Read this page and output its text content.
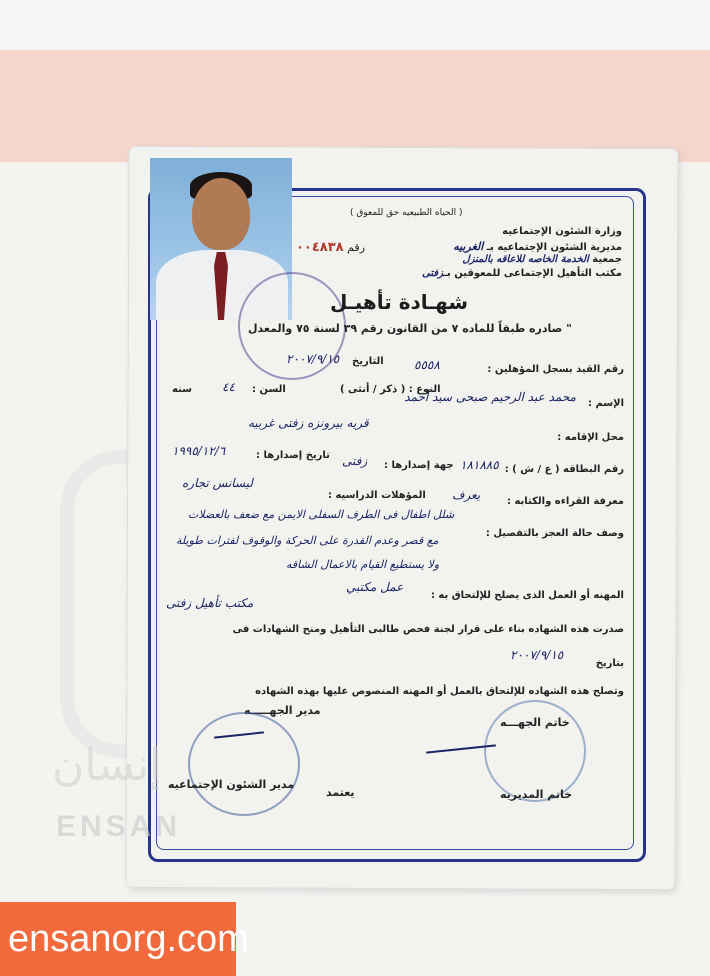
( الحياه الطبيعيه حق للمعوق )
وزارة الشئون الإجتماعيه
مديرية الشئون الإجتماعيه بـ الغربيه
جمعية الخدمة الخاصه للاعاقه بالمنزل
مكتب التأهيل الإجتماعى للمعوقين بـزفتى
رقم ٠٠٤٨٣٨
شهـادة تأهيـل
" صادره طبقاً للماده ٧ من القانون رقم ٣٩ لسنة ٧٥ والمعدل
رقم القيد بسجل المؤهلين :
٥٥٥٨
التاريخ
٢٠٠٧/٩/١٥
الإسم :
محمد عبد الرحيم صبحى سيد أحمد
النوع : ( ذكر / أنثى )
السن :
٤٤
سنه
محل الإقامه :
قريه بيرونزه زفتى غربيه
رقم البطاقه ( ع / ش ) :
١٨١٨٨٥
جهة إصدارها :
زفتى
تاريخ إصدارها :
١٩٩٥/١٢/٦
معرفة القراءه والكتابه :
يعرف
المؤهلات الدراسيه :
ليسانس تجاره
وصف حالة العجز بالتفصيل :
شلل اطفال فى الطرف السفلى الايمن مع ضعف بالعضلات
مع قصر وعدم القدرة على الحركة والوقوف لفترات طويلة
ولا يستطيع القيام بالاعمال الشاقه
المهنه أو العمل الذى يصلح للإلتحاق به :
عمل مكتبي
صدرت هذه الشهاده بناء على قرار لجنة فحص طالبى التأهيل ومنح الشهادات فى
مكتب تأهيل زفتى
بتاريخ
٢٠٠٧/٩/١٥
وتصلح هذه الشهاده للإلتحاق بالعمل أو المهنه المنصوص عليها بهذه الشهاده
مدير الجهـــــه
خاتم الجهـــه
يعتمد
مدير الشئون الإجتماعيه
خاتم المديريه
إنسان
ENSAN
ensanorg.com
